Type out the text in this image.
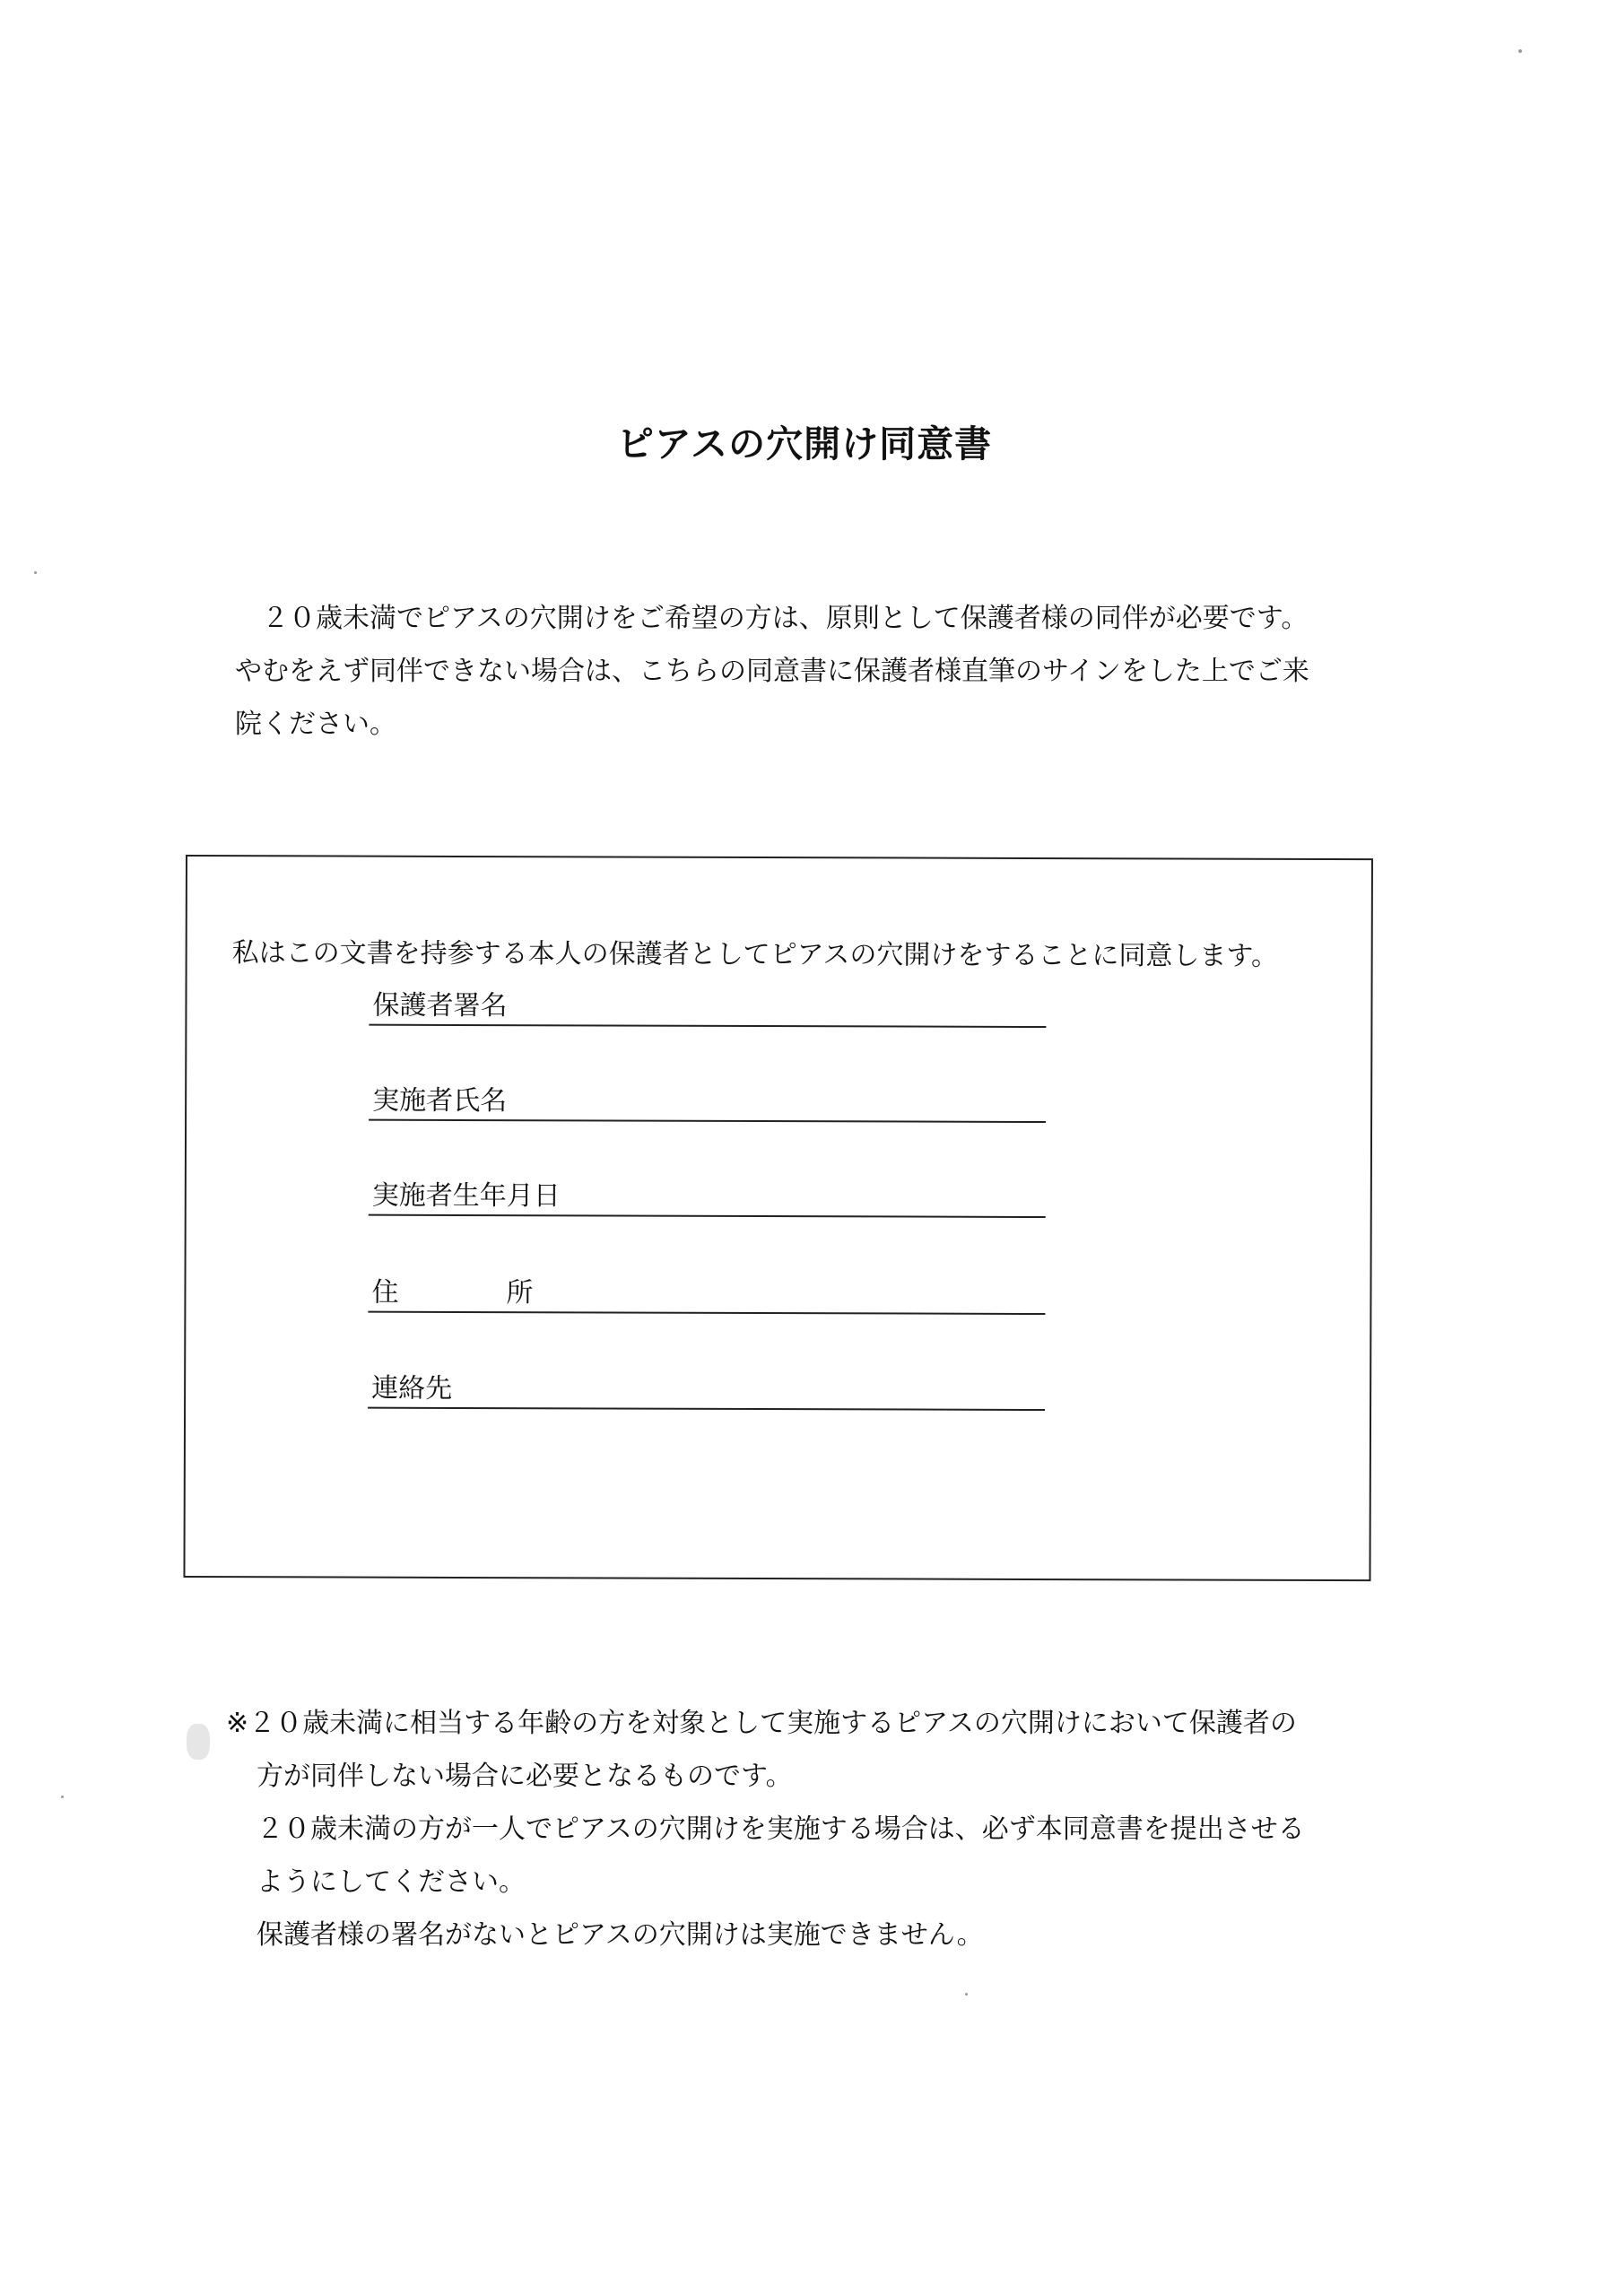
ピアスの穴開け同意書

２０歳未満でピアスの穴開けをご希望の方は、原則として保護者様の同伴が必要です。

やむをえず同伴できない場合は、こちらの同意書に保護者様直筆のサインをした上でご来

院ください。

私はこの文書を持参する本人の保護者としてピアスの穴開けをすることに同意します。
保護者署名
実施者氏名
実施者生年月日
住	所
連絡先

※２０歳未満に相当する年齢の方を対象として実施するピアスの穴開けにおいて保護者の

方が同伴しない場合に必要となるものです。

２０歳未満の方が一人でピアスの穴開けを実施する場合は、必ず本同意書を提出させる

ようにしてください。

保護者様の署名がないとピアスの穴開けは実施できません。
